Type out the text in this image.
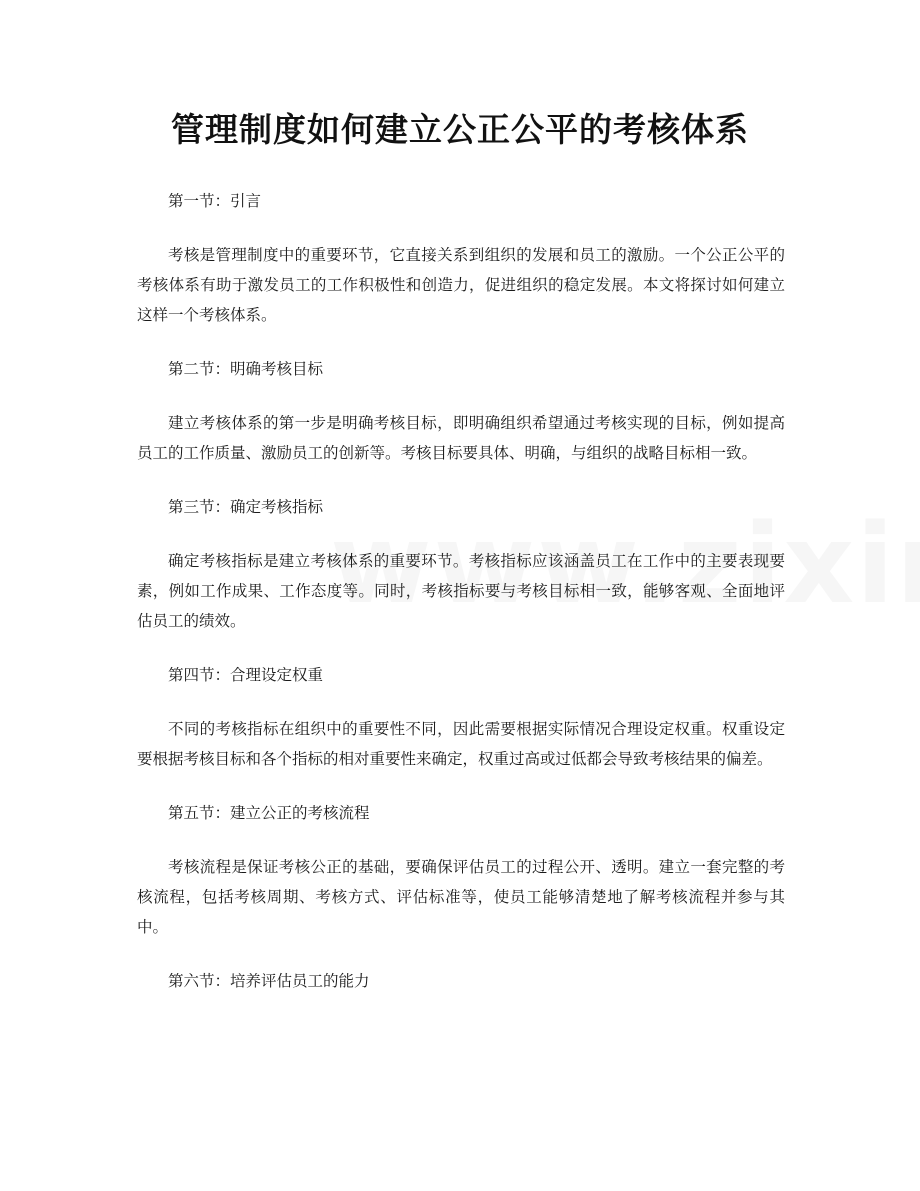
管理制度如何建立公正公平的考核体系

第一节：引言

考核是管理制度中的重要环节，它直接关系到组织的发展和员工的激励。一个公正公平的考核体系有助于激发员工的工作积极性和创造力，促进组织的稳定发展。本文将探讨如何建立这样一个考核体系。

第二节：明确考核目标

建立考核体系的第一步是明确考核目标，即明确组织希望通过考核实现的目标，例如提高员工的工作质量、激励员工的创新等。考核目标要具体、明确，与组织的战略目标相一致。

第三节：确定考核指标

确定考核指标是建立考核体系的重要环节。考核指标应该涵盖员工在工作中的主要表现要素，例如工作成果、工作态度等。同时，考核指标要与考核目标相一致，能够客观、全面地评估员工的绩效。

第四节：合理设定权重

不同的考核指标在组织中的重要性不同，因此需要根据实际情况合理设定权重。权重设定要根据考核目标和各个指标的相对重要性来确定，权重过高或过低都会导致考核结果的偏差。

第五节：建立公正的考核流程

考核流程是保证考核公正的基础，要确保评估员工的过程公开、透明。建立一套完整的考核流程，包括考核周期、考核方式、评估标准等，使员工能够清楚地了解考核流程并参与其中。

第六节：培养评估员工的能力
